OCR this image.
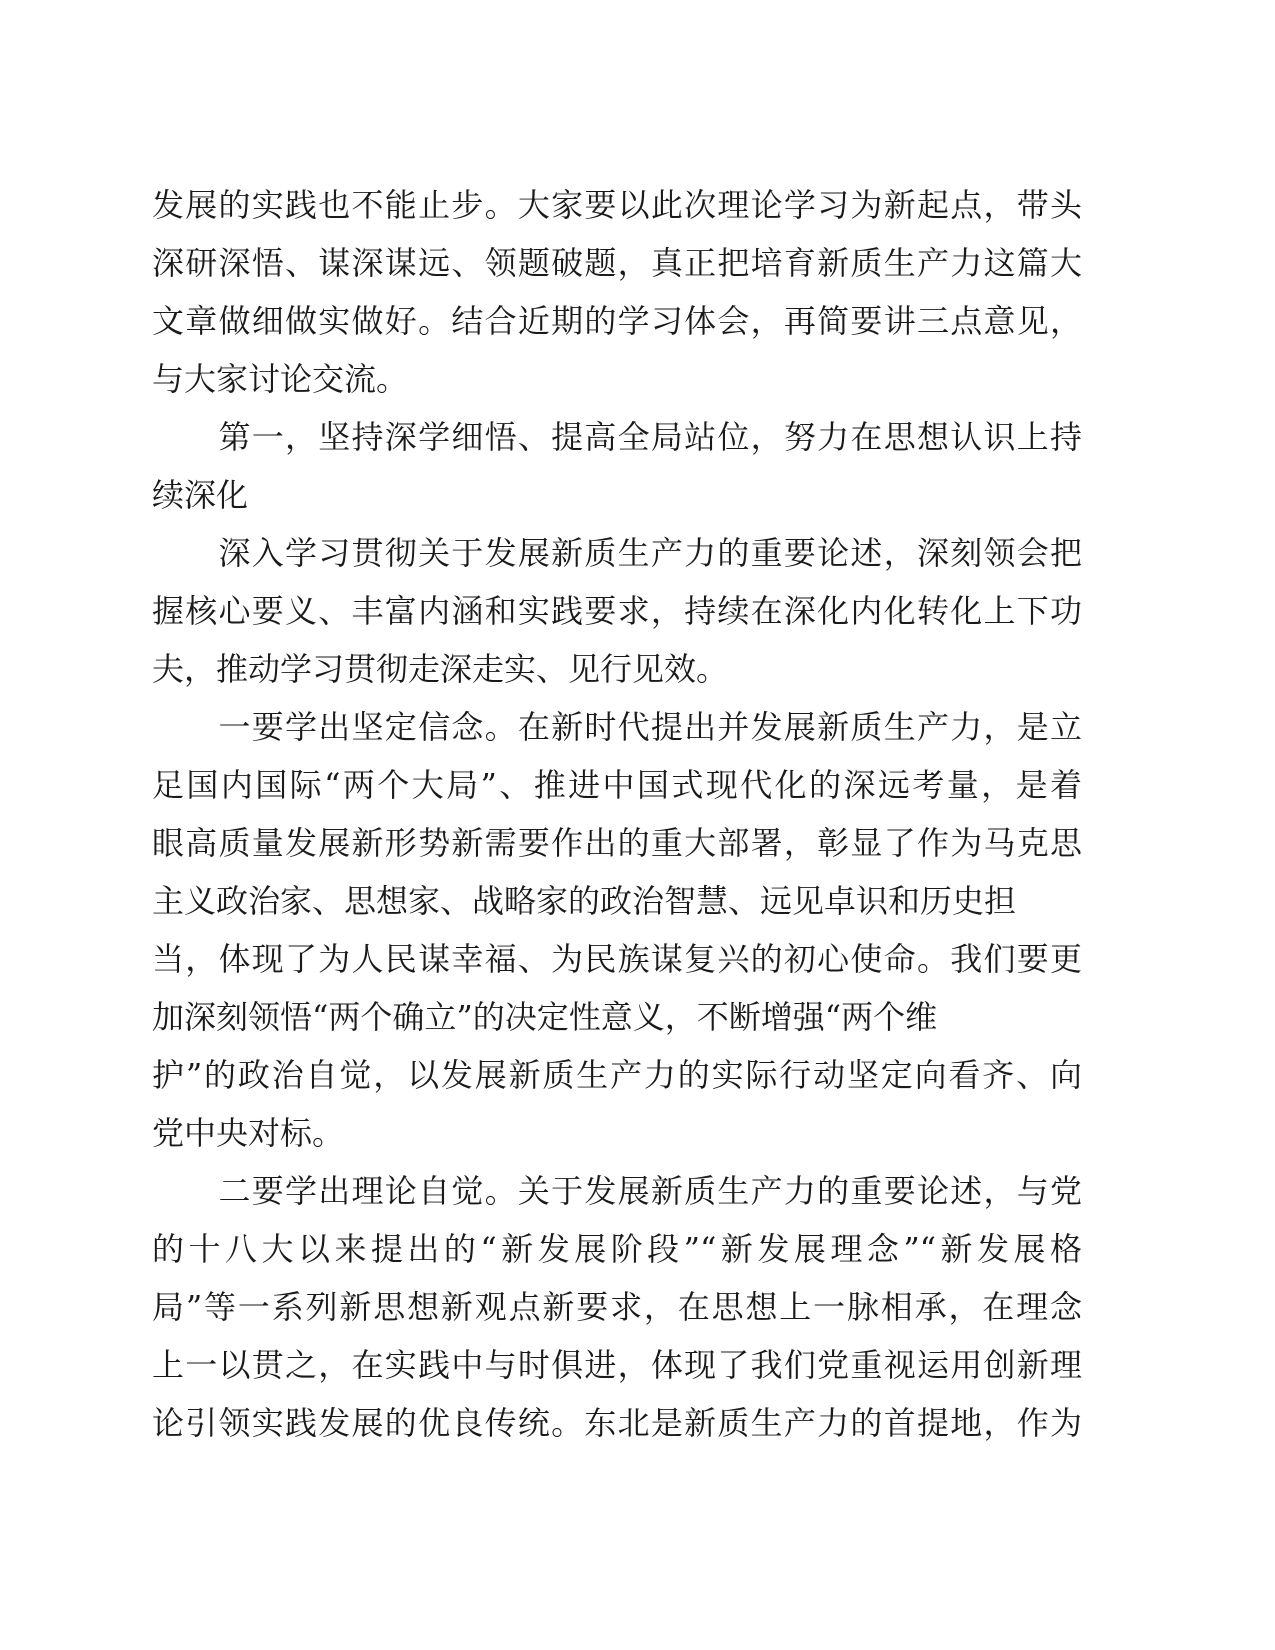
发展的实践也不能止步。大家要以此次理论学习为新起点，带头
深研深悟、谋深谋远、领题破题，真正把培育新质生产力这篇大
文章做细做实做好。结合近期的学习体会，再简要讲三点意见，
与大家讨论交流。
　　第一，坚持深学细悟、提高全局站位，努力在思想认识上持
续深化
　　深入学习贯彻关于发展新质生产力的重要论述，深刻领会把
握核心要义、丰富内涵和实践要求，持续在深化内化转化上下功
夫，推动学习贯彻走深走实、见行见效。
　　一要学出坚定信念。在新时代提出并发展新质生产力，是立
足国内国际“两个大局”、推进中国式现代化的深远考量，是着
眼高质量发展新形势新需要作出的重大部署，彰显了作为马克思
主义政治家、思想家、战略家的政治智慧、远见卓识和历史担
当，体现了为人民谋幸福、为民族谋复兴的初心使命。我们要更
加深刻领悟“两个确立”的决定性意义，不断增强“两个维
护”的政治自觉，以发展新质生产力的实际行动坚定向看齐、向
党中央对标。
　　二要学出理论自觉。关于发展新质生产力的重要论述，与党
的十八大以来提出的“新发展阶段”“新发展理念”“新发展格
局”等一系列新思想新观点新要求，在思想上一脉相承，在理念
上一以贯之，在实践中与时俱进，体现了我们党重视运用创新理
论引领实践发展的优良传统。东北是新质生产力的首提地，作为
